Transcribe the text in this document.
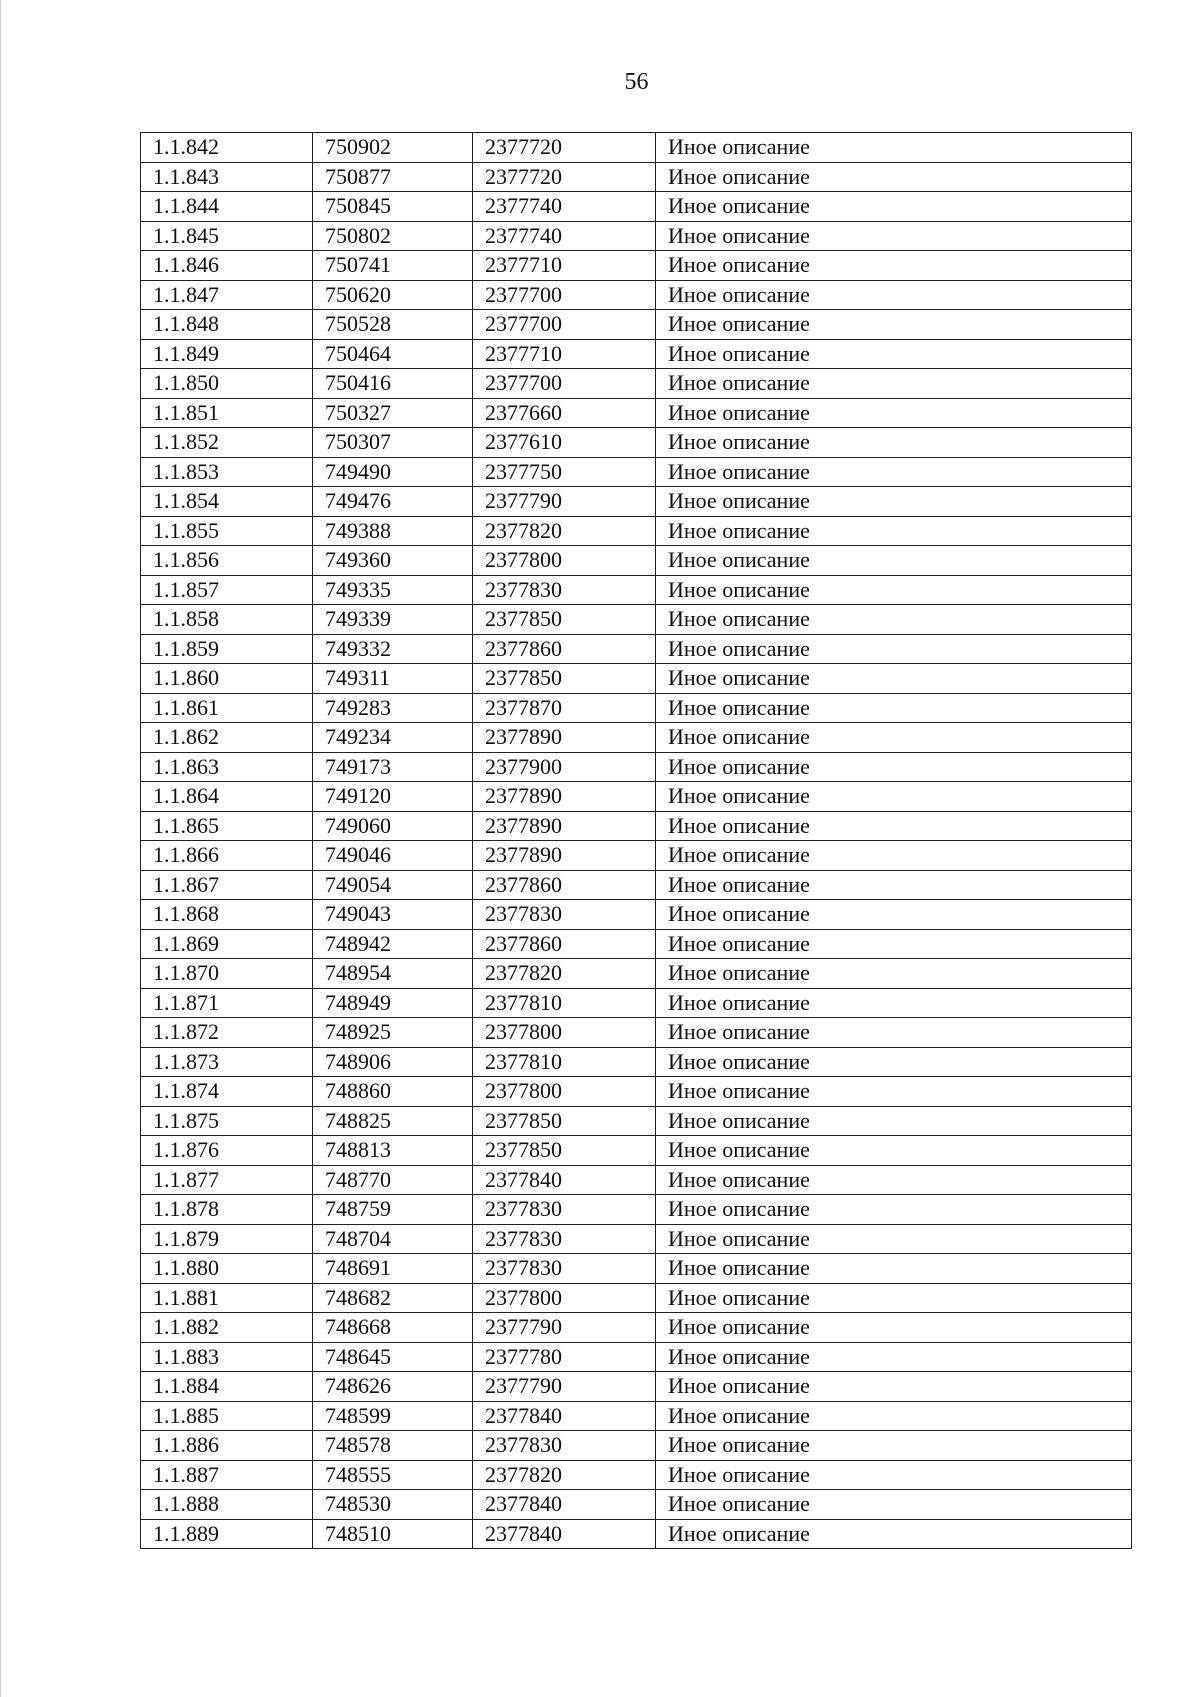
56
1.1.842	750902	2377720	Иное описание
1.1.843	750877	2377720	Иное описание
1.1.844	750845	2377740	Иное описание
1.1.845	750802	2377740	Иное описание
1.1.846	750741	2377710	Иное описание
1.1.847	750620	2377700	Иное описание
1.1.848	750528	2377700	Иное описание
1.1.849	750464	2377710	Иное описание
1.1.850	750416	2377700	Иное описание
1.1.851	750327	2377660	Иное описание
1.1.852	750307	2377610	Иное описание
1.1.853	749490	2377750	Иное описание
1.1.854	749476	2377790	Иное описание
1.1.855	749388	2377820	Иное описание
1.1.856	749360	2377800	Иное описание
1.1.857	749335	2377830	Иное описание
1.1.858	749339	2377850	Иное описание
1.1.859	749332	2377860	Иное описание
1.1.860	749311	2377850	Иное описание
1.1.861	749283	2377870	Иное описание
1.1.862	749234	2377890	Иное описание
1.1.863	749173	2377900	Иное описание
1.1.864	749120	2377890	Иное описание
1.1.865	749060	2377890	Иное описание
1.1.866	749046	2377890	Иное описание
1.1.867	749054	2377860	Иное описание
1.1.868	749043	2377830	Иное описание
1.1.869	748942	2377860	Иное описание
1.1.870	748954	2377820	Иное описание
1.1.871	748949	2377810	Иное описание
1.1.872	748925	2377800	Иное описание
1.1.873	748906	2377810	Иное описание
1.1.874	748860	2377800	Иное описание
1.1.875	748825	2377850	Иное описание
1.1.876	748813	2377850	Иное описание
1.1.877	748770	2377840	Иное описание
1.1.878	748759	2377830	Иное описание
1.1.879	748704	2377830	Иное описание
1.1.880	748691	2377830	Иное описание
1.1.881	748682	2377800	Иное описание
1.1.882	748668	2377790	Иное описание
1.1.883	748645	2377780	Иное описание
1.1.884	748626	2377790	Иное описание
1.1.885	748599	2377840	Иное описание
1.1.886	748578	2377830	Иное описание
1.1.887	748555	2377820	Иное описание
1.1.888	748530	2377840	Иное описание
1.1.889	748510	2377840	Иное описание
